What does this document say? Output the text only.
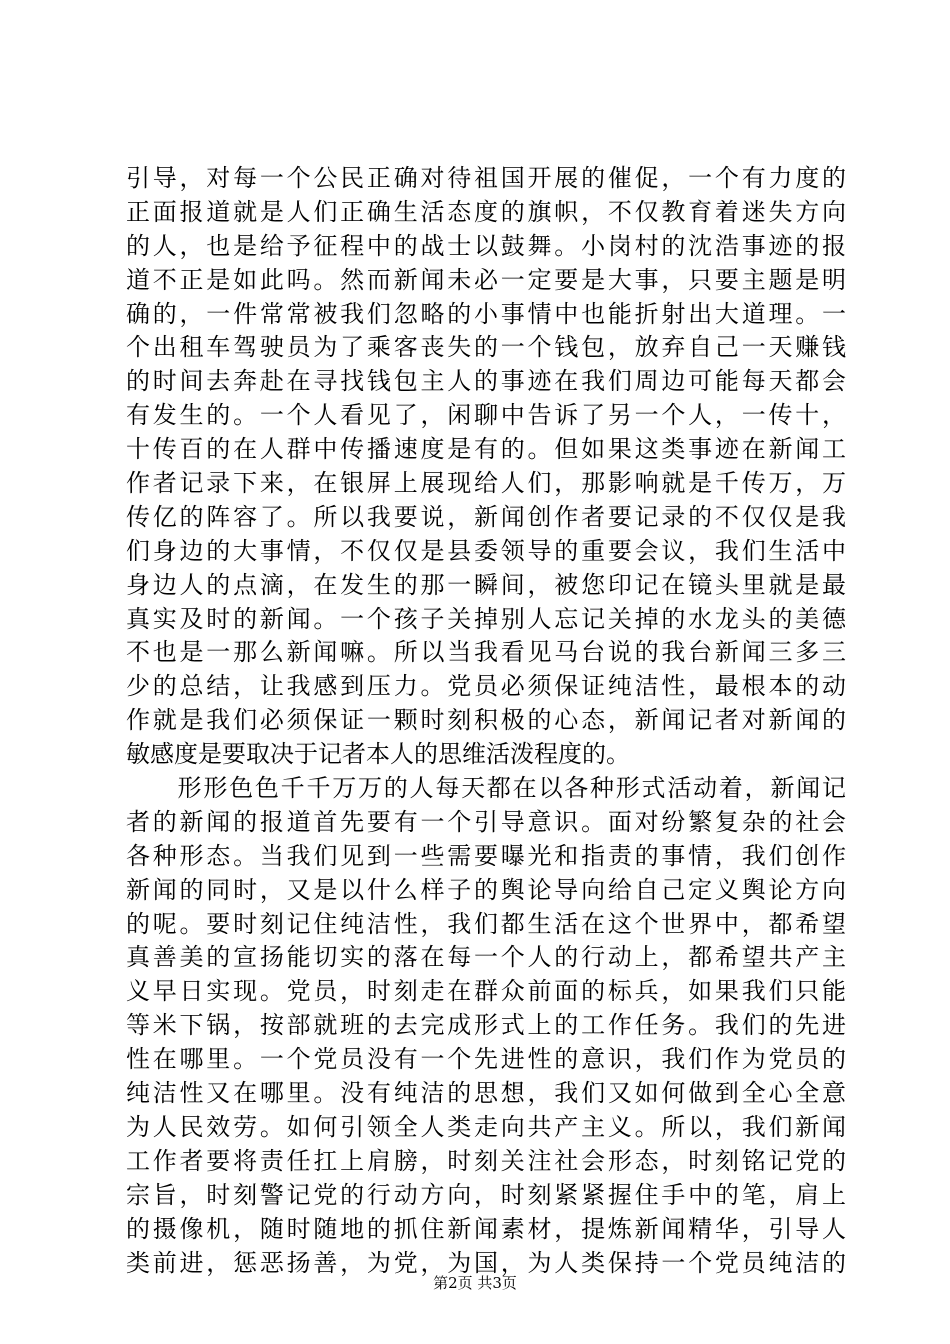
引导，对每一个公民正确对待祖国开展的催促，一个有力度的
正面报道就是人们正确生活态度的旗帜，不仅教育着迷失方向
的人，也是给予征程中的战士以鼓舞。小岗村的沈浩事迹的报
道不正是如此吗。然而新闻未必一定要是大事，只要主题是明
确的，一件常常被我们忽略的小事情中也能折射出大道理。一
个出租车驾驶员为了乘客丧失的一个钱包，放弃自己一天赚钱
的时间去奔赴在寻找钱包主人的事迹在我们周边可能每天都会
有发生的。一个人看见了，闲聊中告诉了另一个人，一传十，
十传百的在人群中传播速度是有的。但如果这类事迹在新闻工
作者记录下来，在银屏上展现给人们，那影响就是千传万，万
传亿的阵容了。所以我要说，新闻创作者要记录的不仅仅是我
们身边的大事情，不仅仅是县委领导的重要会议，我们生活中
身边人的点滴，在发生的那一瞬间，被您印记在镜头里就是最
真实及时的新闻。一个孩子关掉别人忘记关掉的水龙头的美德
不也是一那么新闻嘛。所以当我看见马台说的我台新闻三多三
少的总结，让我感到压力。党员必须保证纯洁性，最根本的动
作就是我们必须保证一颗时刻积极的心态，新闻记者对新闻的
敏感度是要取决于记者本人的思维活泼程度的。
　　形形色色千千万万的人每天都在以各种形式活动着，新闻记
者的新闻的报道首先要有一个引导意识。面对纷繁复杂的社会
各种形态。当我们见到一些需要曝光和指责的事情，我们创作
新闻的同时，又是以什么样子的舆论导向给自己定义舆论方向
的呢。要时刻记住纯洁性，我们都生活在这个世界中，都希望
真善美的宣扬能切实的落在每一个人的行动上，都希望共产主
义早日实现。党员，时刻走在群众前面的标兵，如果我们只能
等米下锅，按部就班的去完成形式上的工作任务。我们的先进
性在哪里。一个党员没有一个先进性的意识，我们作为党员的
纯洁性又在哪里。没有纯洁的思想，我们又如何做到全心全意
为人民效劳。如何引领全人类走向共产主义。所以，我们新闻
工作者要将责任扛上肩膀，时刻关注社会形态，时刻铭记党的
宗旨，时刻警记党的行动方向，时刻紧紧握住手中的笔，肩上
的摄像机，随时随地的抓住新闻素材，提炼新闻精华，引导人
类前进，惩恶扬善，为党，为国，为人类保持一个党员纯洁的
第2页 共3页
